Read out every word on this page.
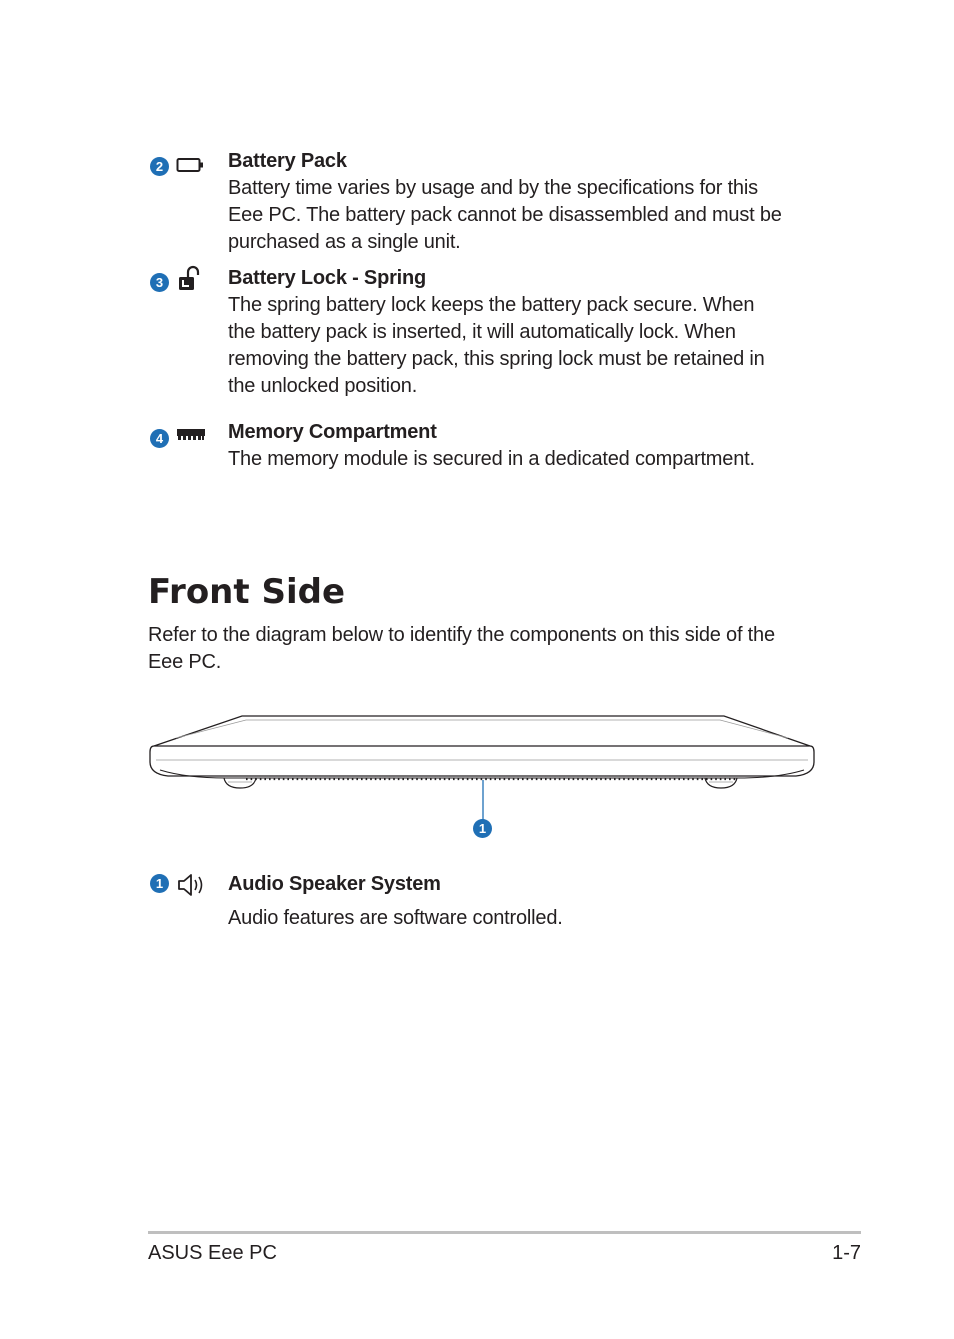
2	Battery Pack
Battery time varies by usage and by the specifications for this
Eee PC. The battery pack cannot be disassembled and must be
purchased as a single unit.
3	Battery Lock - Spring
The spring battery lock keeps the battery pack secure. When
the battery pack is inserted, it will automatically lock. When
removing the battery pack, this spring lock must be retained in
the unlocked position.
4	Memory Compartment
The memory module is secured in a dedicated compartment.
Front Side
Refer to the diagram below to identify the components on this side of the
Eee PC.
1
1	Audio Speaker System
Audio features are software controlled.
ASUS Eee PC	1-7
